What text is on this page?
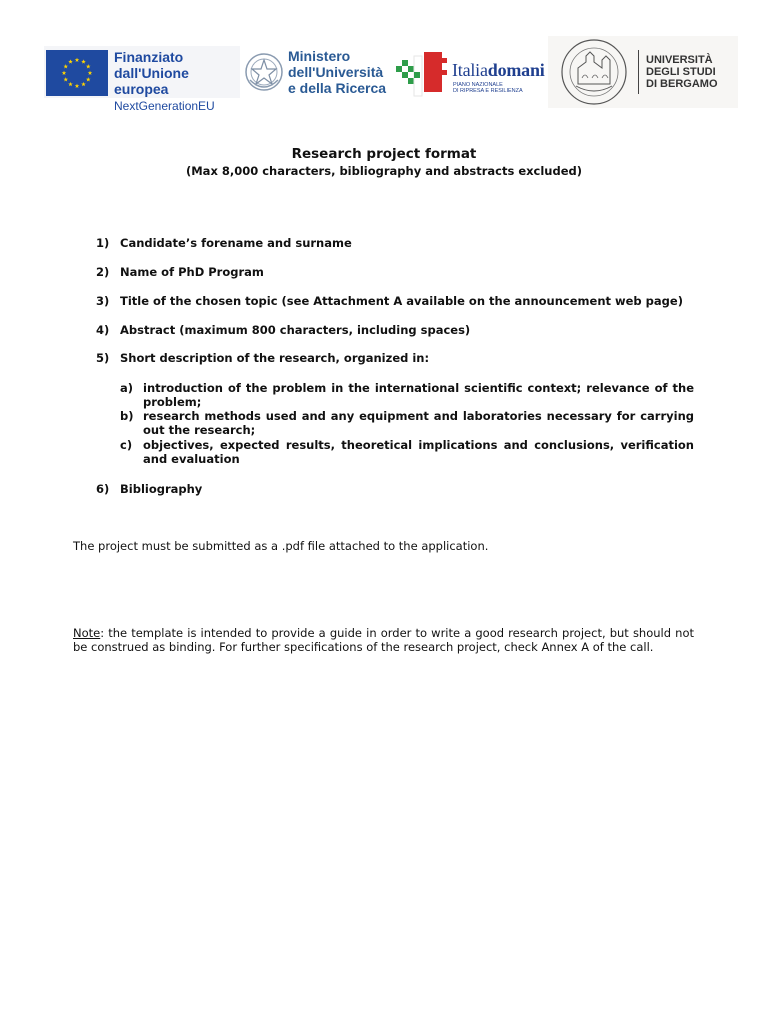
Finanziato
dall'Unione europea
NextGenerationEU
Ministero
dell'Università
e della Ricerca
Italiadomani
PIANO NAZIONALE
DI RIPRESA E RESILIENZA
UNIVERSITÀ
DEGLI STUDI
DI BERGAMO
Research project format
(Max 8,000 characters, bibliography and abstracts excluded)
1) Candidate’s forename and surname
2) Name of PhD Program
3) Title of the chosen topic (see Attachment A available on the announcement web page)
4) Abstract (maximum 800 characters, including spaces)
5) Short description of the research, organized in:
a) introduction of the problem in the international scientific context; relevance of the problem;
b) research methods used and any equipment and laboratories necessary for carrying out the research;
c) objectives, expected results, theoretical implications and conclusions, verification and evaluation
6) Bibliography

The project must be submitted as a .pdf file attached to the application.

Note: the template is intended to provide a guide in order to write a good research project, but should not be construed as binding. For further specifications of the research project, check Annex A of the call.
